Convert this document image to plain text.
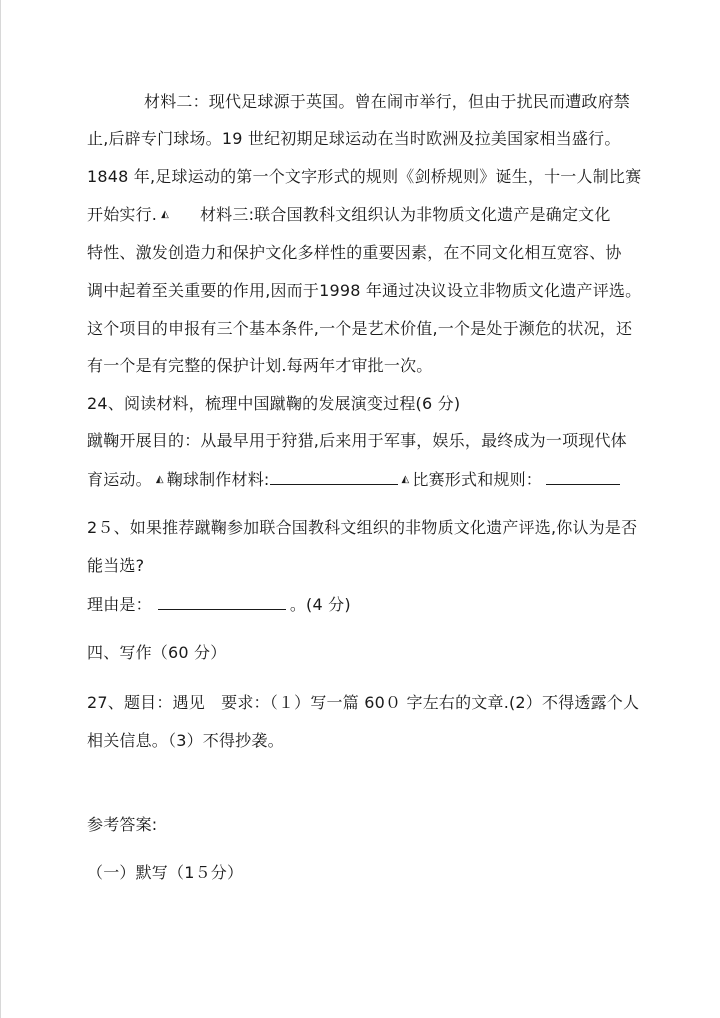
材料二：现代足球源于英国。曾在闹市举行，但由于扰民而遭政府禁
止,后辟专门球场。19 世纪初期足球运动在当时欧洲及拉美国家相当盛行。
1848 年,足球运动的第一个文字形式的规则《剑桥规则》诞生，十一人制比赛
开始实行. ◭ 材料三:联合国教科文组织认为非物质文化遗产是确定文化
特性、激发创造力和保护文化多样性的重要因素，在不同文化相互宽容、协
调中起着至关重要的作用,因而于1998 年通过决议设立非物质文化遗产评选。
这个项目的申报有三个基本条件,一个是艺术价值,一个是处于濒危的状况，还
有一个是有完整的保护计划.每两年才审批一次。
24、阅读材料，梳理中国蹴鞠的发展演变过程(6 分)
蹴鞠开展目的：从最早用于狩猎,后来用于军事，娱乐，最终成为一项现代体
育运动。 ◭ 鞠球制作材料:	◭ 比赛形式和规则：
2５、如果推荐蹴鞠参加联合国教科文组织的非物质文化遗产评选,你认为是否
能当选?
理由是：	。(4 分)
四、写作（60 分）
27、题目：遇见　要求：（１）写一篇 60０ 字左右的文章.(2）不得透露个人
相关信息。（3）不得抄袭。
参考答案:
（一）默写（1５分）
